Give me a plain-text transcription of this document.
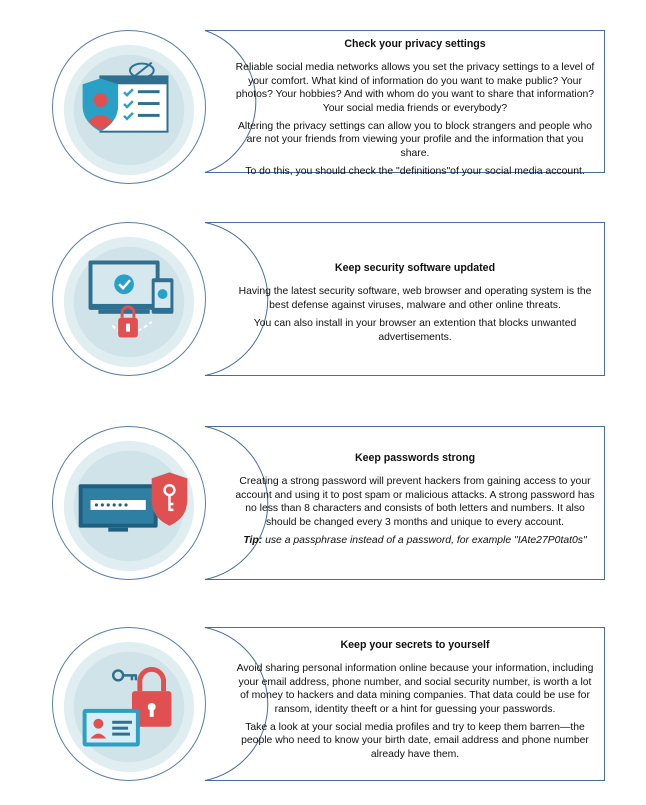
Check your privacy settings

Reliable social media networks allows you set the privacy settings to a level of your comfort. What kind of information do you want to make public? Your photos? Your hobbies? And with whom do you want to share that information? Your social media friends or everybody?

Altering the privacy settings can allow you to block strangers and people who are not your friends from viewing your profile and the information that you share.

To do this, you should check the "definitions"of your social media account.

Keep security software updated

Having the latest security software, web browser and operating system is the best defense against viruses, malware and other online threats.

You can also install in your browser an extention that blocks unwanted advertisements.

Keep passwords strong

Creating a strong password will prevent hackers from gaining access to your account and using it to post spam or malicious attacks. A strong password has no less than 8 characters and consists of both letters and numbers. It also should be changed every 3 months and unique to every account.

Tip: use a passphrase instead of a password, for example "IAte27P0tat0s"

Keep your secrets to yourself

Avoid sharing personal information online because your information, including your email address, phone number, and social security number, is worth a lot of money to hackers and data mining companies. That data could be use for ransom, identity theeft or a hint for guessing your passwords.

Take a look at your social media profiles and try to keep them barren—the people who need to know your birth date, email address and phone number already have them.
